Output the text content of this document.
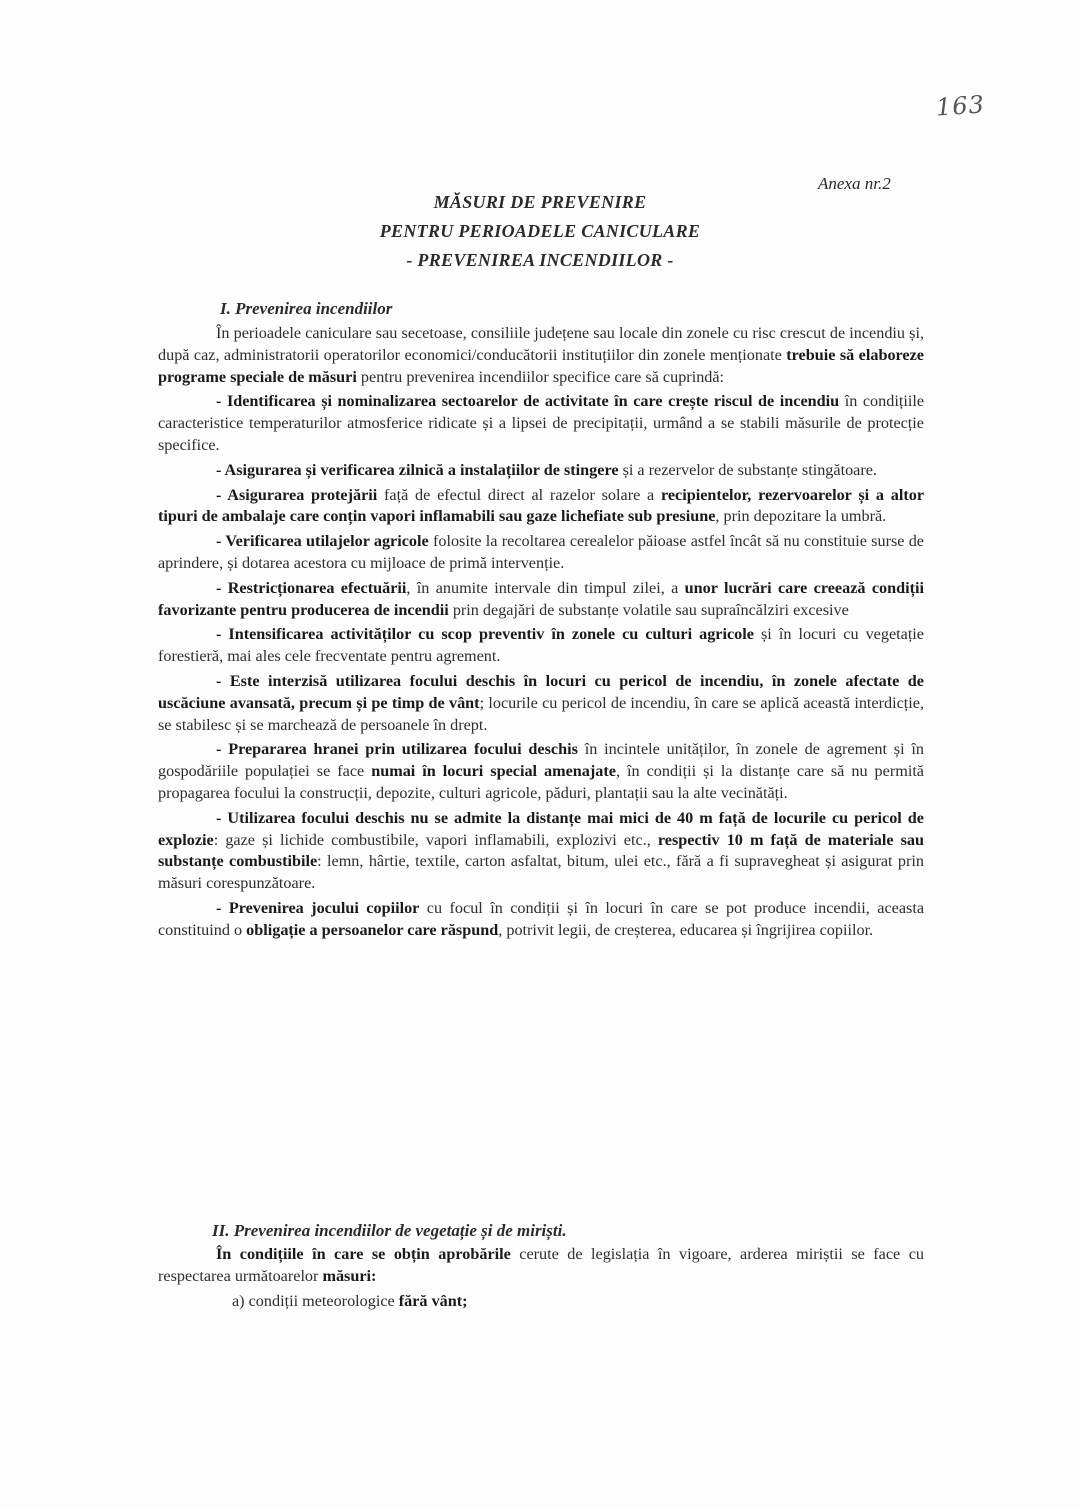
163
Anexa nr.2
MĂSURI DE PREVENIRE
PENTRU PERIOADELE CANICULARE
- PREVENIREA INCENDIILOR -
I. Prevenirea incendiilor

În perioadele caniculare sau secetoase, consiliile județene sau locale din zonele cu risc crescut de incendiu și, după caz, administratorii operatorilor economici/conducătorii instituțiilor din zonele menționate trebuie să elaboreze programe speciale de măsuri pentru prevenirea incendiilor specifice care să cuprindă:

- Identificarea și nominalizarea sectoarelor de activitate în care crește riscul de incendiu în condițiile caracteristice temperaturilor atmosferice ridicate și a lipsei de precipitații, urmând a se stabili măsurile de protecție specifice.

- Asigurarea și verificarea zilnică a instalațiilor de stingere și a rezervelor de substanțe stingătoare.

- Asigurarea protejării față de efectul direct al razelor solare a recipientelor, rezervoarelor și a altor tipuri de ambalaje care conțin vapori inflamabili sau gaze lichefiate sub presiune, prin depozitare la umbră.

- Verificarea utilajelor agricole folosite la recoltarea cerealelor păioase astfel încât să nu constituie surse de aprindere, și dotarea acestora cu mijloace de primă intervenție.

- Restricționarea efectuării, în anumite intervale din timpul zilei, a unor lucrări care creează condiții favorizante pentru producerea de incendii prin degajări de substanțe volatile sau supraîncălziri excesive

- Intensificarea activităților cu scop preventiv în zonele cu culturi agricole și în locuri cu vegetație forestieră, mai ales cele frecventate pentru agrement.

- Este interzisă utilizarea focului deschis în locuri cu pericol de incendiu, în zonele afectate de uscăciune avansată, precum și pe timp de vânt; locurile cu pericol de incendiu, în care se aplică această interdicție, se stabilesc și se marchează de persoanele în drept.

- Prepararea hranei prin utilizarea focului deschis în incintele unităților, în zonele de agrement și în gospodăriile populației se face numai în locuri special amenajate, în condiții și la distanțe care să nu permită propagarea focului la construcții, depozite, culturi agricole, păduri, plantații sau la alte vecinătăți.

- Utilizarea focului deschis nu se admite la distanțe mai mici de 40 m față de locurile cu pericol de explozie: gaze și lichide combustibile, vapori inflamabili, explozivi etc., respectiv 10 m față de materiale sau substanțe combustibile: lemn, hârtie, textile, carton asfaltat, bitum, ulei etc., fără a fi supravegheat și asigurat prin măsuri corespunzătoare.

- Prevenirea jocului copiilor cu focul în condiții și în locuri în care se pot produce incendii, aceasta constituind o obligație a persoanelor care răspund, potrivit legii, de creșterea, educarea și îngrijirea copiilor.

II. Prevenirea incendiilor de vegetație și de miriști.

În condițiile în care se obțin aprobările cerute de legislația în vigoare, arderea miriștii se face cu respectarea următoarelor măsuri:

a) condiții meteorologice fără vânt;
